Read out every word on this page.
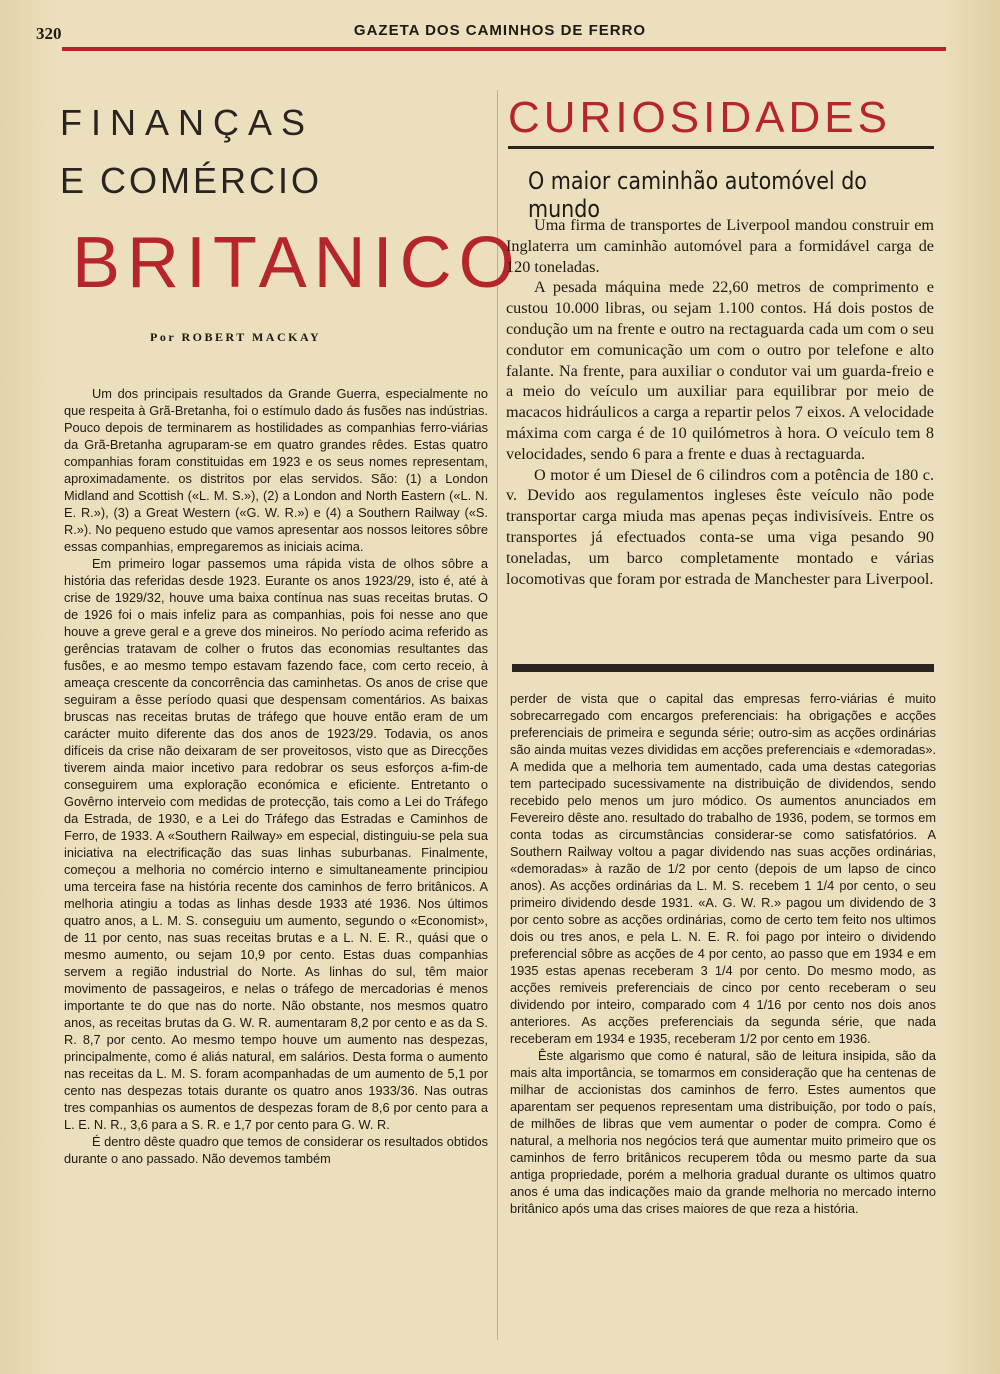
320	GAZETA DOS CAMINHOS DE FERRO
FINANÇAS
E COMÉRCIO
BRITANICO
Por ROBERT MACKAY

Um dos principais resultados da Grande Guerra, especialmente no que respeita à Grã-Bretanha, foi o estímulo dado ás fusões nas indústrias. Pouco depois de terminarem as hostilidades as companhias ferro-viárias da Grã-Bretanha agruparam-se em quatro grandes rêdes. Estas quatro companhias foram constituidas em 1923 e os seus nomes representam, aproximadamente. os distritos por elas servidos. São: (1) a London Midland and Scottish («L. M. S.»), (2) a London and North Eastern («L. N. E. R.»), (3) a Great Western («G. W. R.») e (4) a Southern Railway («S. R.»). No pequeno estudo que vamos apresentar aos nossos leitores sôbre essas companhias, empregaremos as iniciais acima.

Em primeiro logar passemos uma rápida vista de olhos sôbre a história das referidas desde 1923. Eurante os anos 1923/29, isto é, até à crise de 1929/32, houve uma baixa contínua nas suas receitas brutas. O de 1926 foi o mais infeliz para as companhias, pois foi nesse ano que houve a greve geral e a greve dos mineiros. No período acima referido as gerências tratavam de colher o frutos das economias resultantes das fusões, e ao mesmo tempo estavam fazendo face, com certo receio, à ameaça crescente da concorrência das caminhetas. Os anos de crise que seguiram a êsse período quasi que despensam comentários. As baixas bruscas nas receitas brutas de tráfego que houve então eram de um carácter muito diferente das dos anos de 1923/29. Todavia, os anos difíceis da crise não deixaram de ser proveitosos, visto que as Direcções tiverem ainda maior incetivo para redobrar os seus esforços a-fim-de conseguirem uma exploração económica e eficiente. Entretanto o Govêrno interveio com medidas de protecção, tais como a Lei do Tráfego da Estrada, de 1930, e a Lei do Tráfego das Estradas e Caminhos de Ferro, de 1933. A «Southern Railway» em especial, distinguiu-se pela sua iniciativa na electrificação das suas linhas suburbanas. Finalmente, começou a melhoria no comércio interno e simultaneamente principiou uma terceira fase na história recente dos caminhos de ferro britânicos. A melhoria atingiu a todas as linhas desde 1933 até 1936. Nos últimos quatro anos, a L. M. S. conseguiu um aumento, segundo o «Economist», de 11 por cento, nas suas receitas brutas e a L. N. E. R., quási que o mesmo aumento, ou sejam 10,9 por cento. Estas duas companhias servem a região industrial do Norte. As linhas do sul, têm maior movimento de passageiros, e nelas o tráfego de mercadorias é menos importante te do que nas do norte. Não obstante, nos mesmos quatro anos, as receitas brutas da G. W. R. aumentaram 8,2 por cento e as da S. R. 8,7 por cento. Ao mesmo tempo houve um aumento nas despezas, principalmente, como é aliás natural, em salários. Desta forma o aumento nas receitas da L. M. S. foram acompanhadas de um aumento de 5,1 por cento nas despezas totais durante os quatro anos 1933/36. Nas outras tres companhias os aumentos de despezas foram de 8,6 por cento para a L. E. N. R., 3,6 para a S. R. e 1,7 por cento para G. W. R.

É dentro dêste quadro que temos de considerar os resultados obtidos durante o ano passado. Não devemos também

CURIOSIDADES
O maior caminhão automóvel do mundo

Uma firma de transportes de Liverpool mandou construir em Inglaterra um caminhão automóvel para a formidável carga de 120 toneladas.

A pesada máquina mede 22,60 metros de comprimento e custou 10.000 libras, ou sejam 1.100 contos. Há dois postos de condução um na frente e outro na rectaguarda cada um com o seu condutor em comunicação um com o outro por telefone e alto falante. Na frente, para auxiliar o condutor vai um guarda-freio e a meio do veículo um auxiliar para equilibrar por meio de macacos hidráulicos a carga a repartir pelos 7 eixos. A velocidade máxima com carga é de 10 quilómetros à hora. O veículo tem 8 velocidades, sendo 6 para a frente e duas à rectaguarda.

O motor é um Diesel de 6 cilindros com a potência de 180 c. v. Devido aos regulamentos ingleses êste veículo não pode transportar carga miuda mas apenas peças indivisíveis. Entre os transportes já efectuados conta-se uma viga pesando 90 toneladas, um barco completamente montado e várias locomotivas que foram por estrada de Manchester para Liverpool.

perder de vista que o capital das empresas ferro-viárias é muito sobrecarregado com encargos preferenciais: ha obrigações e acções preferenciais de primeira e segunda série; outro-sim as acções ordinárias são ainda muitas vezes divididas em acções preferenciais e «demoradas». A medida que a melhoria tem aumentado, cada uma destas categorias tem partecipado sucessivamente na distribuição de dividendos, sendo recebido pelo menos um juro módico. Os aumentos anunciados em Fevereiro dêste ano. resultado do trabalho de 1936, podem, se tormos em conta todas as circumstâncias considerar-se como satisfatórios. A Southern Railway voltou a pagar dividendo nas suas acções ordinárias, «demoradas» à razão de 1/2 por cento (depois de um lapso de cinco anos). As acções ordinárias da L. M. S. recebem 1 1/4 por cento, o seu primeiro dividendo desde 1931. «A. G. W. R.» pagou um dividendo de 3 por cento sobre as acções ordinárias, como de certo tem feito nos ultimos dois ou tres anos, e pela L. N. E. R. foi pago por inteiro o dividendo preferencial sôbre as acções de 4 por cento, ao passo que em 1934 e em 1935 estas apenas receberam 3 1/4 por cento. Do mesmo modo, as acções remiveis preferenciais de cinco por cento receberam o seu dividendo por inteiro, comparado com 4 1/16 por cento nos dois anos anteriores. As acções preferenciais da segunda série, que nada receberam em 1934 e 1935, receberam 1/2 por cento em 1936.

Êste algarismo que como é natural, são de leitura insipida, são da mais alta importância, se tomarmos em consideração que ha centenas de milhar de accionistas dos caminhos de ferro. Estes aumentos que aparentam ser pequenos representam uma distribuição, por todo o país, de milhões de libras que vem aumentar o poder de compra. Como é natural, a melhoria nos negócios terá que aumentar muito primeiro que os caminhos de ferro britânicos recuperem tôda ou mesmo parte da sua antiga propriedade, porém a melhoria gradual durante os ultimos quatro anos é uma das indicações maio da grande melhoria no mercado interno britânico após uma das crises maiores de que reza a história.
